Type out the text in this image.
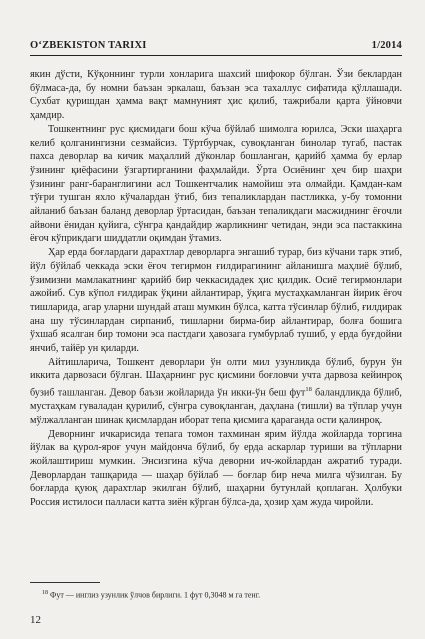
O‘ZBEKISTON TARIXI	1/2014

якин дўсти, Кўқоннинг турли хонларига шахсий шифокор бўлган. Ўзи беклардан бўлмаса-да, бу номни баъзан эркалаш, баъзан эса тахаллус сифатида қўллашади. Сухбат қуришдан ҳамма вақт мамнуният ҳис қилиб, тажрибали қарта ўйновчи ҳамдир.

Тошкентнинг рус қисмидаги бош кўча бўйлаб шимолга юрилса, Эски шаҳарга келиб қолганингизни сезмайсиз. Тўртбурчак, сувоқланган бинолар тугаб, пастак пахса деворлар ва кичик маҳаллий дўконлар бошланган, қарийб ҳамма бу ерлар ўзининг қиёфасини ўзгартирганини фаҳмлайди. Ўрта Осиёнинг ҳеч бир шаҳри ўзининг ранг-баранглигини асл Тошкентчалик намойиш эта олмайди. Қамдан-кам тўғри тушган яхло кўчалардан ўтиб, биз тепаликлардан пастликка, у-бу томонни айланиб баъзан баланд деворлар ўртасидан, баъзан тепаликдаги масжиднинг ёғочли айвони ёнидан қуйига, сўнгра қандайдир жарликнинг четидан, энди эса пастаккина ёғоч кўприкдаги шиддатли оқимдан ўтамиз.

Ҳар ерда боғлардаги дарахтлар деворларга энгашиб турар, биз кўчани тарк этиб, йўл бўйлаб чеккада эски ёғоч тегирмон ғилдирагининг айланишга маҳлиё бўлиб, ўзимизни мамлакатнинг қарийб бир чеккасидадек ҳис қилдик. Осиё тегирмонлари ажойиб. Сув кўпол ғилдирак ўқини айлантирар, ўқига мустаҳкамланган йирик ёғоч тишларида, агар уларни шундай аташ мумкин бўлса, катта тўсинлар бўлиб, ғилдирак ана шу тўсинлардан сирпаниб, тишларни бирма-бир айлантирар, болға бошига ўхшаб ясалган бир томони эса пастдаги ҳавозага гумбурлаб тушиб, у ерда буғдойни янчиб, тайёр ун қиларди.

Айтишларича, Тошкент деворлари ўн олти мил узунликда бўлиб, бурун ўн иккита дарвозаси бўлган. Шаҳарнинг рус қисмини боғловчи учта дарвоза кейинроқ бузиб ташланган. Девор баъзи жойларида ўн икки-ўн беш фут$^{18}$ баландликда бўлиб, мустаҳкам гуваладан қурилиб, сўнгра сувоқланган, даҳлана (тишли) ва тўплар учун мўлжалланган шинак қисмлардан иборат тепа қисмига қараганда ости қалинроқ.

Деворнинг ичкарисида тепага томон тахминан ярим йўлда жойларда торгина йўлак ва қурол-яроғ учун майдонча бўлиб, бу ерда аскарлар туриши ва тўпларни жойлаштириш мумкин. Энсизгина кўча деворни ич-жойлардан ажратиб туради. Деворлардан ташқарида — шаҳар бўйлаб — боғлар бир неча милга чўзилган. Бу боғларда қуюқ дарахтлар экилган бўлиб, шаҳарни бутунлай қоплаган. Ҳолбуки Россия истилоси палласи катта зиён кўрган бўлса-да, ҳозир ҳам жуда чиройли.

$^{18}$ Фут — инглиз узунлик ўлчов бирлиги. 1 фут 0,3048 м га тенг.
12
